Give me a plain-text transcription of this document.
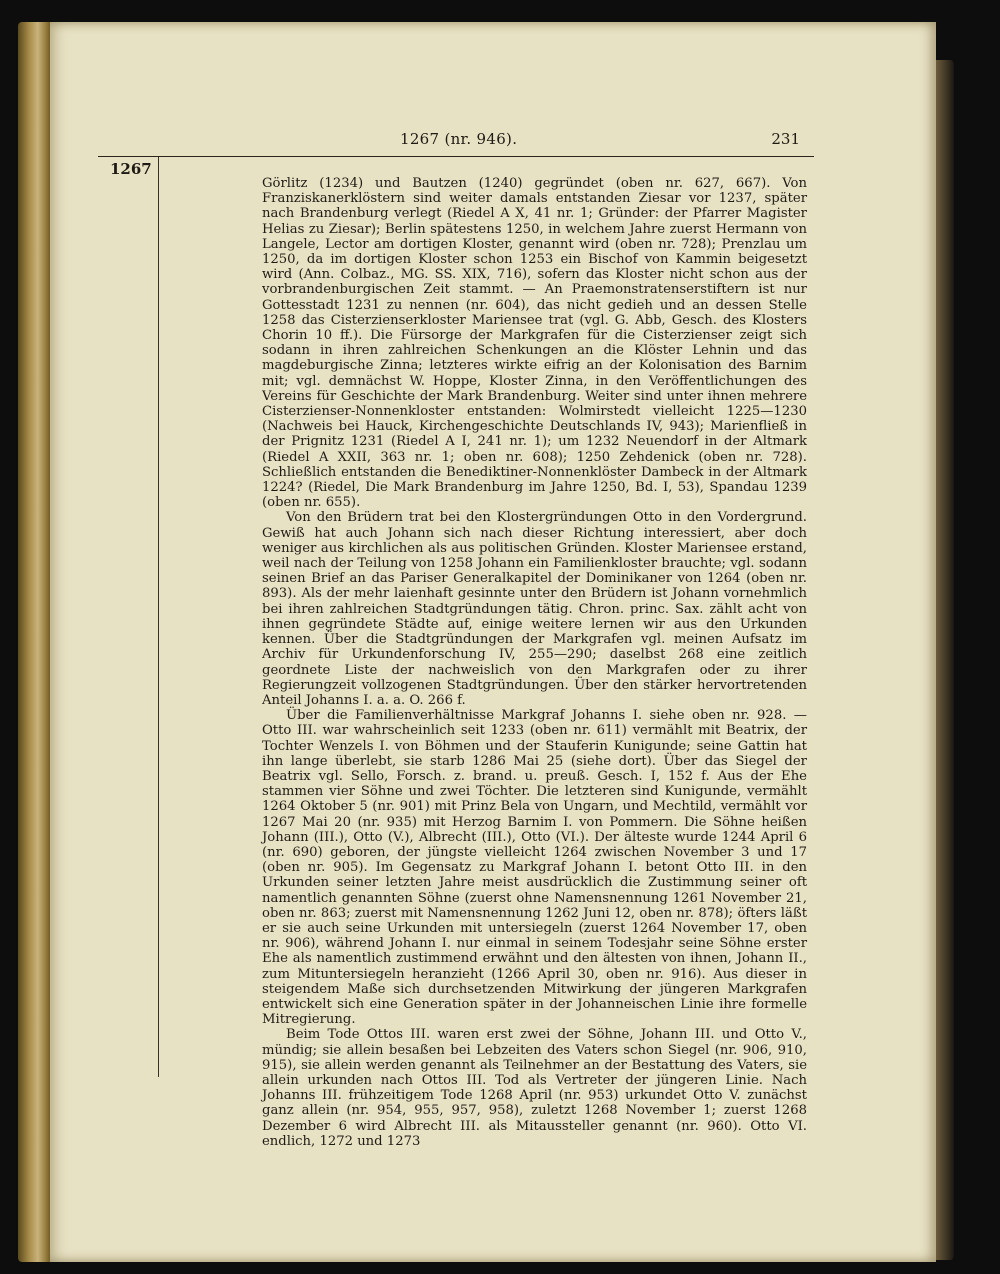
1267 (nr. 946).	231
1267

Görlitz (1234) und Bautzen (1240) gegründet (oben nr. 627, 667). Von Franziskanerklöstern sind weiter damals entstanden Ziesar vor 1237, später nach Brandenburg verlegt (Riedel A X, 41 nr. 1; Gründer: der Pfarrer Magister Helias zu Ziesar); Berlin spätestens 1250, in welchem Jahre zuerst Hermann von Langele, Lector am dortigen Kloster, genannt wird (oben nr. 728); Prenzlau um 1250, da im dortigen Kloster schon 1253 ein Bischof von Kammin beigesetzt wird (Ann. Colbaz., MG. SS. XIX, 716), sofern das Kloster nicht schon aus der vorbrandenburgischen Zeit stammt. — An Praemonstratenserstiftern ist nur Gottesstadt 1231 zu nennen (nr. 604), das nicht gedieh und an dessen Stelle 1258 das Cisterzienserkloster Mariensee trat (vgl. G. Abb, Gesch. des Klosters Chorin 10 ff.). Die Fürsorge der Markgrafen für die Cisterzienser zeigt sich sodann in ihren zahlreichen Schenkungen an die Klöster Lehnin und das magdeburgische Zinna; letzteres wirkte eifrig an der Kolonisation des Barnim mit; vgl. demnächst W. Hoppe, Kloster Zinna, in den Veröffentlichungen des Vereins für Geschichte der Mark Brandenburg. Weiter sind unter ihnen mehrere Cisterzienser-Nonnenkloster entstanden: Wolmirstedt vielleicht 1225—1230 (Nachweis bei Hauck, Kirchengeschichte Deutschlands IV, 943); Marienfließ in der Prignitz 1231 (Riedel A I, 241 nr. 1); um 1232 Neuendorf in der Altmark (Riedel A XXII, 363 nr. 1; oben nr. 608); 1250 Zehdenick (oben nr. 728). Schließlich entstanden die Benediktiner-Nonnenklöster Dambeck in der Altmark 1224? (Riedel, Die Mark Brandenburg im Jahre 1250, Bd. I, 53), Spandau 1239 (oben nr. 655).

Von den Brüdern trat bei den Klostergründungen Otto in den Vordergrund. Gewiß hat auch Johann sich nach dieser Richtung interessiert, aber doch weniger aus kirchlichen als aus politischen Gründen. Kloster Mariensee erstand, weil nach der Teilung von 1258 Johann ein Familienkloster brauchte; vgl. sodann seinen Brief an das Pariser Generalkapitel der Dominikaner von 1264 (oben nr. 893). Als der mehr laienhaft gesinnte unter den Brüdern ist Johann vornehmlich bei ihren zahlreichen Stadtgründungen tätig. Chron. princ. Sax. zählt acht von ihnen gegründete Städte auf, einige weitere lernen wir aus den Urkunden kennen. Über die Stadtgründungen der Markgrafen vgl. meinen Aufsatz im Archiv für Urkundenforschung IV, 255—290; daselbst 268 eine zeitlich geordnete Liste der nachweislich von den Markgrafen oder zu ihrer Regierungzeit vollzogenen Stadtgründungen. Über den stärker hervortretenden Anteil Johanns I. a. a. O. 266 f.

Über die Familienverhältnisse Markgraf Johanns I. siehe oben nr. 928. — Otto III. war wahrscheinlich seit 1233 (oben nr. 611) vermählt mit Beatrix, der Tochter Wenzels I. von Böhmen und der Stauferin Kunigunde; seine Gattin hat ihn lange überlebt, sie starb 1286 Mai 25 (siehe dort). Über das Siegel der Beatrix vgl. Sello, Forsch. z. brand. u. preuß. Gesch. I, 152 f. Aus der Ehe stammen vier Söhne und zwei Töchter. Die letzteren sind Kunigunde, vermählt 1264 Oktober 5 (nr. 901) mit Prinz Bela von Ungarn, und Mechtild, vermählt vor 1267 Mai 20 (nr. 935) mit Herzog Barnim I. von Pommern. Die Söhne heißen Johann (III.), Otto (V.), Albrecht (III.), Otto (VI.). Der älteste wurde 1244 April 6 (nr. 690) geboren, der jüngste vielleicht 1264 zwischen November 3 und 17 (oben nr. 905). Im Gegensatz zu Markgraf Johann I. betont Otto III. in den Urkunden seiner letzten Jahre meist ausdrücklich die Zustimmung seiner oft namentlich genannten Söhne (zuerst ohne Namensnennung 1261 November 21, oben nr. 863; zuerst mit Namensnennung 1262 Juni 12, oben nr. 878); öfters läßt er sie auch seine Urkunden mit untersiegeln (zuerst 1264 November 17, oben nr. 906), während Johann I. nur einmal in seinem Todesjahr seine Söhne erster Ehe als namentlich zustimmend erwähnt und den ältesten von ihnen, Johann II., zum Mituntersiegeln heranzieht (1266 April 30, oben nr. 916). Aus dieser in steigendem Maße sich durchsetzenden Mitwirkung der jüngeren Markgrafen entwickelt sich eine Generation später in der Johanneischen Linie ihre formelle Mitregierung.

Beim Tode Ottos III. waren erst zwei der Söhne, Johann III. und Otto V., mündig; sie allein besaßen bei Lebzeiten des Vaters schon Siegel (nr. 906, 910, 915), sie allein werden genannt als Teilnehmer an der Bestattung des Vaters, sie allein urkunden nach Ottos III. Tod als Vertreter der jüngeren Linie. Nach Johanns III. frühzeitigem Tode 1268 April (nr. 953) urkundet Otto V. zunächst ganz allein (nr. 954, 955, 957, 958), zuletzt 1268 November 1; zuerst 1268 Dezember 6 wird Albrecht III. als Mitaussteller genannt (nr. 960). Otto VI. endlich, 1272 und 1273
